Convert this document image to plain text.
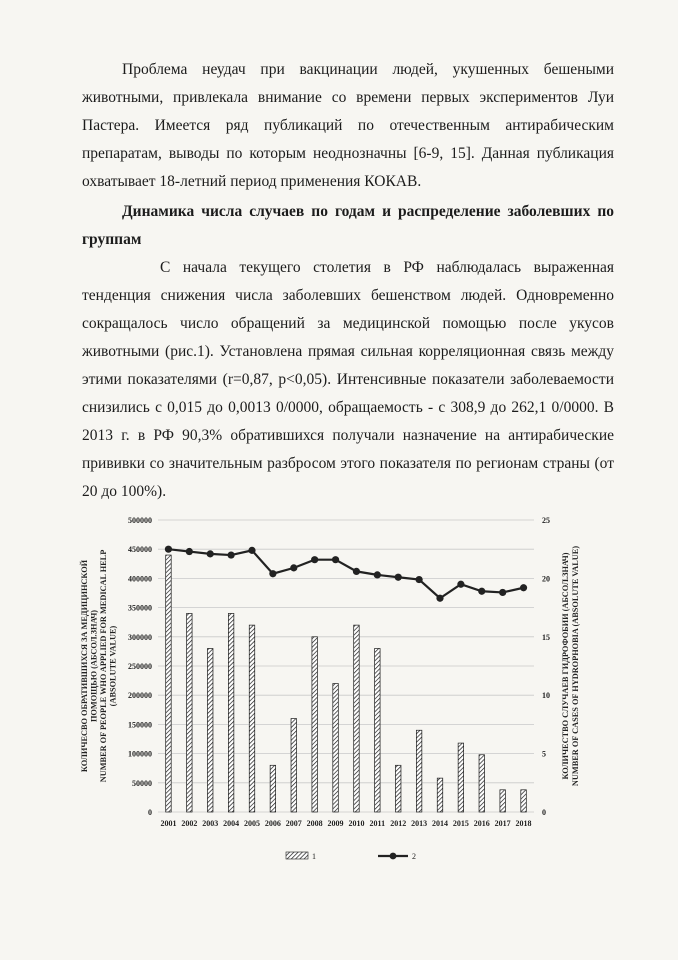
Проблема неудач при вакцинации людей, укушенных бешеными животными, привлекала внимание со времени первых экспериментов Луи Пастера. Имеется ряд публикаций по отечественным антирабическим препаратам, выводы по которым неоднозначны [6-9, 15]. Данная публикация охватывает 18-летний период применения КОКАВ.

Динамика числа случаев по годам и распределение заболевших по группам

С начала текущего столетия в РФ наблюдалась выраженная тенденция снижения числа заболевших бешенством людей. Одновременно сокращалось число обращений за медицинской помощью после укусов животными (рис.1). Установлена прямая сильная корреляционная связь между этими показателями (r=0,87, p<0,05). Интенсивные показатели заболеваемости снизились с 0,015 до 0,0013 0/0000, обращаемость - с 308,9 до 262,1 0/0000. В 2013 г. в РФ 90,3% обратившихся получали назначение на антирабические прививки со значительным разбросом этого показателя по регионам страны (от 20 до 100%).

0
50000
100000
150000
200000
250000
300000
350000
400000
450000
500000
0
5
10
15
20
25
2001 2002 2003 2004 2005 2006 2007 2008 2009 2010 2011 2012 2013 2014 2015 2016 2017 2018
КОЛИЧЕСВО ОБРАТИВШИХСЯ ЗА МЕДИЦИНСКОЙ ПОМОЩЬЮ (АБСОЛ.ЗНАЧ) NUMBER OF PEOPLE WHO APPLIED FOR MEDICAL HELP (ABSOLUTE VALUE)	КОЛИЧЕСТВО СЛУЧАЕВ ГИДРОФОБИИ (АБСОЛ.ЗНАЧ) NUMBER OF CASES OF HYDROPHOBIA (ABSOLUTE VALUE)
1	2
